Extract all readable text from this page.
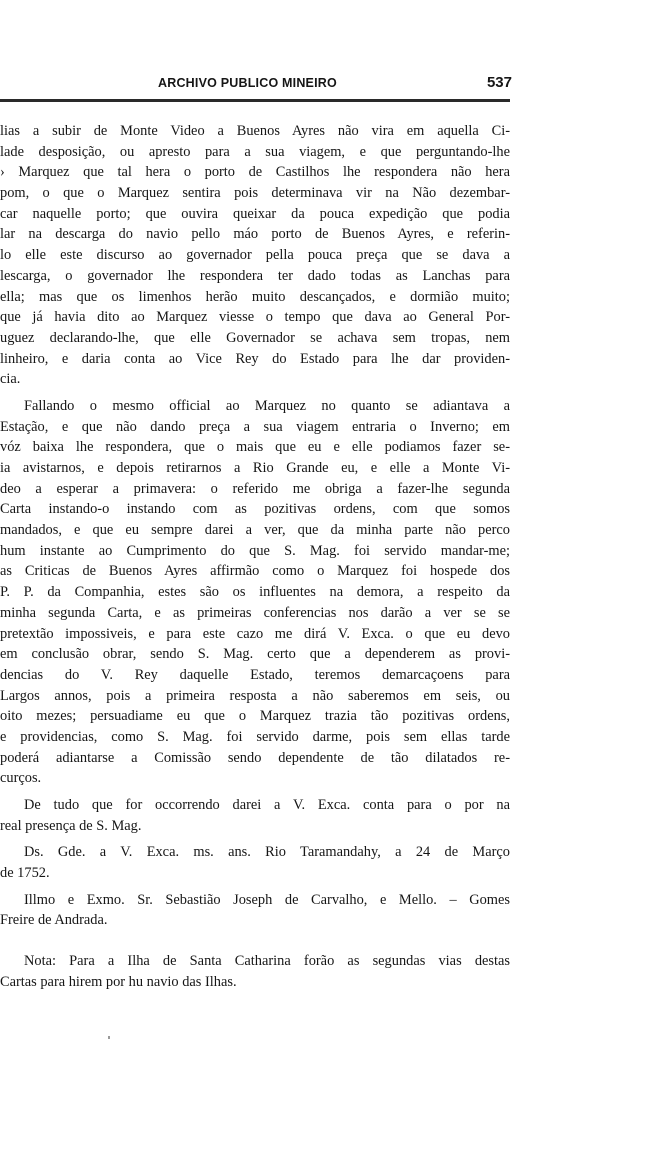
ARCHIVO PUBLICO MINEIRO	537
lias a subir de Monte Video a Buenos Ayres não vira em aquella Ci-
lade desposição, ou apresto para a sua viagem, e que perguntando-lhe
› Marquez que tal hera o porto de Castilhos lhe respondera não hera
pom, o que o Marquez sentira pois determinava vir na Não dezembar-
car naquelle porto; que ouvira queixar da pouca expedição que podia
lar na descarga do navio pello máo porto de Buenos Ayres, e referin-
lo elle este discurso ao governador pella pouca preça que se dava a
lescarga, o governador lhe respondera ter dado todas as Lanchas para
ella; mas que os limenhos herão muito descançados, e dormião muito;
que já havia dito ao Marquez viesse o tempo que dava ao General Por-
uguez declarando-lhe, que elle Governador se achava sem tropas, nem
linheiro, e daria conta ao Vice Rey do Estado para lhe dar providen-
cia.
Fallando o mesmo official ao Marquez no quanto se adiantava a
Estação, e que não dando preça a sua viagem entraria o Inverno; em
vóz baixa lhe respondera, que o mais que eu e elle podiamos fazer se-
ia avistarnos, e depois retirarnos a Rio Grande eu, e elle a Monte Vi-
deo a esperar a primavera: o referido me obriga a fazer-lhe segunda
Carta instando-o instando com as pozitivas ordens, com que somos
mandados, e que eu sempre darei a ver, que da minha parte não perco
hum instante ao Cumprimento do que S. Mag. foi servido mandar-me;
as Criticas de Buenos Ayres affirmão como o Marquez foi hospede dos
P. P. da Companhia, estes são os influentes na demora, a respeito da
minha segunda Carta, e as primeiras conferencias nos darão a ver se se
pretextão impossiveis, e para este cazo me dirá V. Exca. o que eu devo
em conclusão obrar, sendo S. Mag. certo que a dependerem as provi-
dencias do V. Rey daquelle Estado, teremos demarcaçoens para
Largos annos, pois a primeira resposta a não saberemos em seis, ou
oito mezes; persuadiame eu que o Marquez trazia tão pozitivas ordens,
e providencias, como S. Mag. foi servido darme, pois sem ellas tarde
poderá adiantarse a Comissão sendo dependente de tão dilatados re-
curços.
De tudo que for occorrendo darei a V. Exca. conta para o por na
real presença de S. Mag.
Ds. Gde. a V. Exca. ms. ans. Rio Taramandahy, a 24 de Março
de 1752.
Illmo e Exmo. Sr. Sebastião Joseph de Carvalho, e Mello. – Gomes
Freire de Andrada.
Nota: Para a Ilha de Santa Catharina forão as segundas vias destas
Cartas para hirem por hu navio das Ilhas.
